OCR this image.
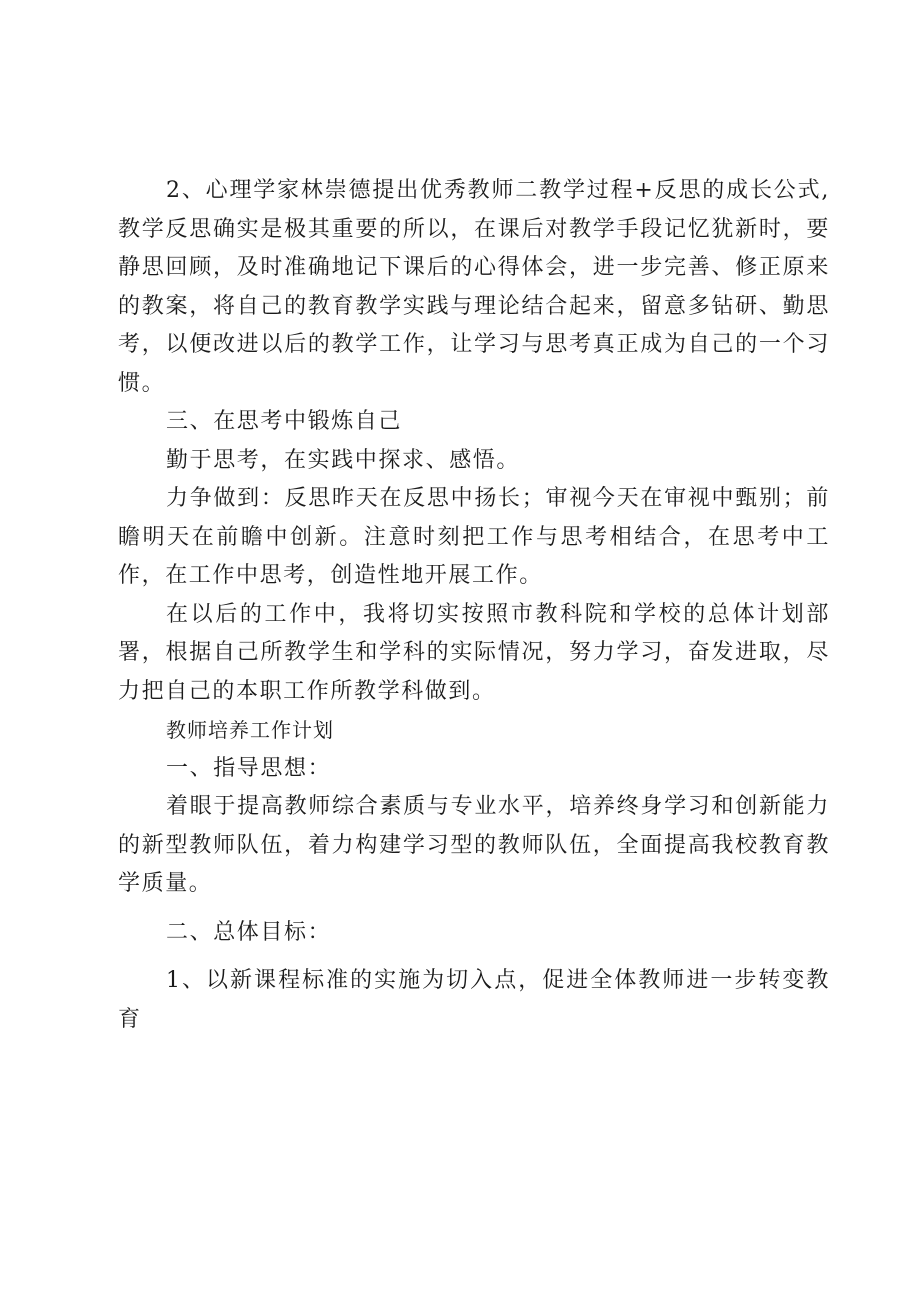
2、心理学家林崇德提出优秀教师二教学过程+反思的成长公式,教学反思确实是极其重要的所以，在课后对教学手段记忆犹新时，要静思回顾，及时准确地记下课后的心得体会，进一步完善、修正原来的教案，将自己的教育教学实践与理论结合起来，留意多钻研、勤思考，以便改进以后的教学工作，让学习与思考真正成为自己的一个习惯。

三、在思考中锻炼自己

勤于思考，在实践中探求、感悟。

力争做到：反思昨天在反思中扬长；审视今天在审视中甄别；前瞻明天在前瞻中创新。注意时刻把工作与思考相结合，在思考中工作，在工作中思考，创造性地开展工作。

在以后的工作中，我将切实按照市教科院和学校的总体计划部署，根据自己所教学生和学科的实际情况，努力学习，奋发进取，尽力把自己的本职工作所教学科做到。

教师培养工作计划

一、指导思想：

着眼于提高教师综合素质与专业水平，培养终身学习和创新能力的新型教师队伍，着力构建学习型的教师队伍，全面提高我校教育教学质量。

二、总体目标：

1、以新课程标准的实施为切入点，促进全体教师进一步转变教育
